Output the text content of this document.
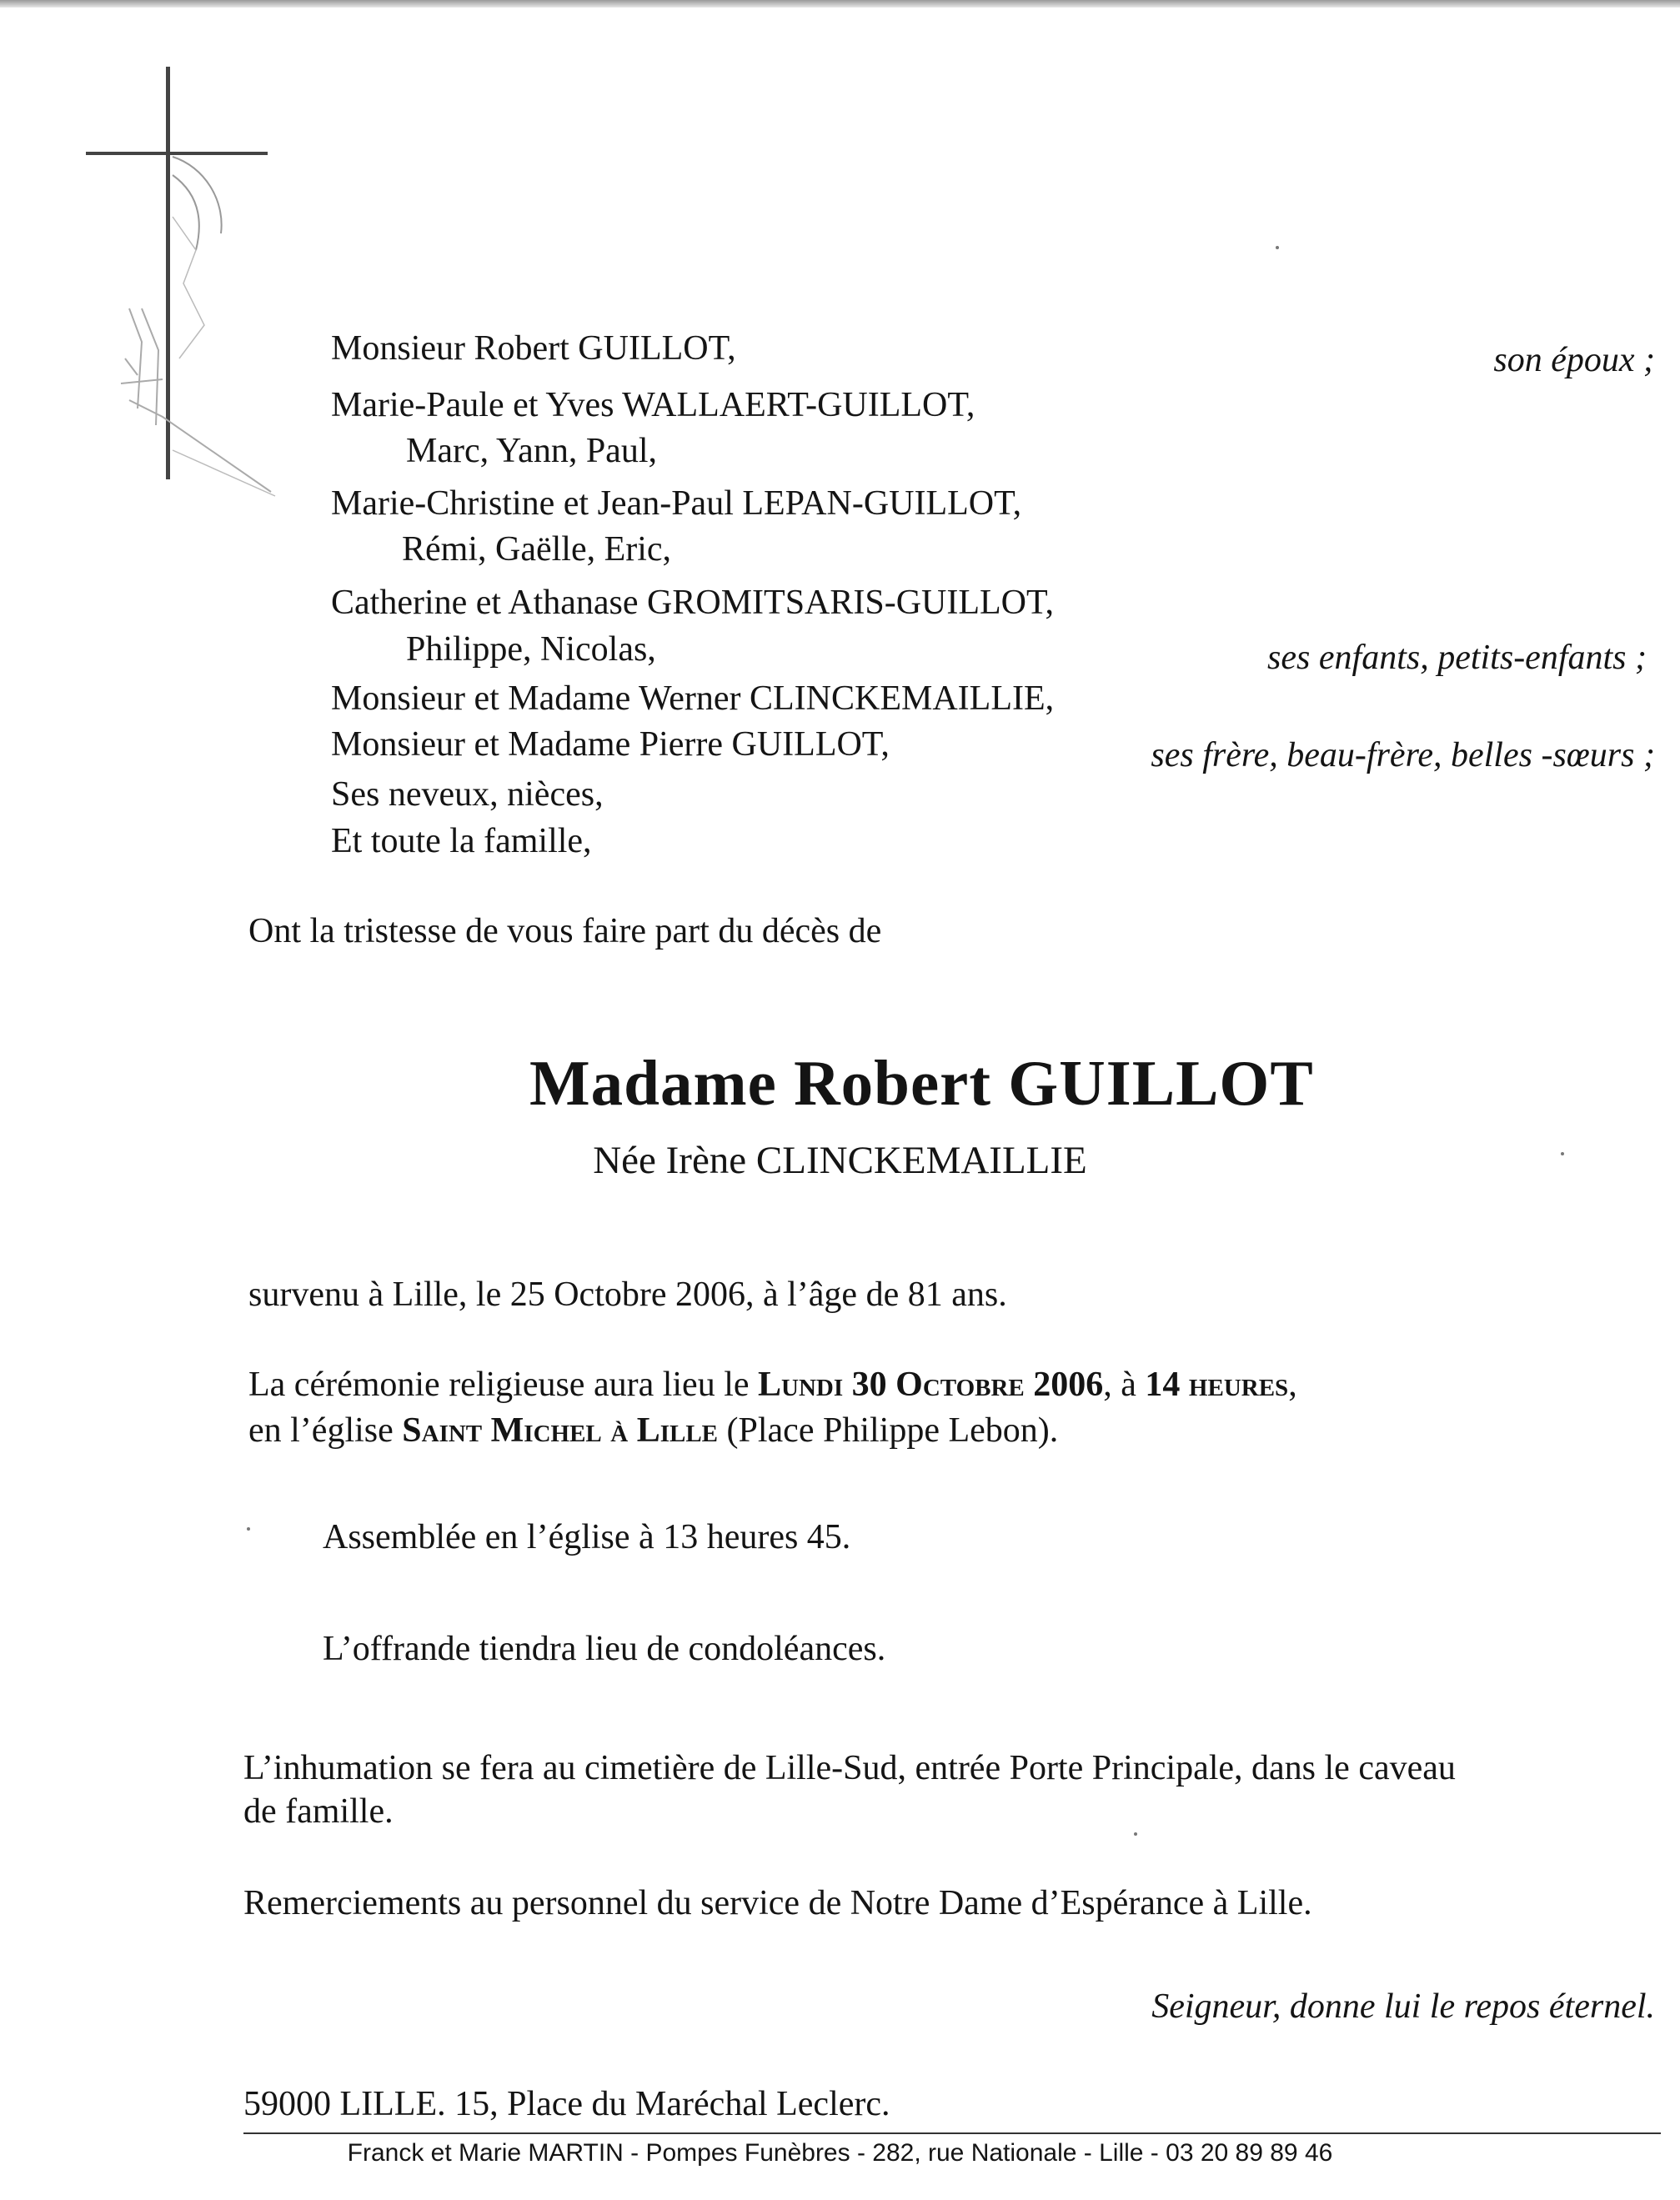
Monsieur Robert GUILLOT,	son époux ;
Marie-Paule et Yves WALLAERT-GUILLOT,
Marc, Yann, Paul,
Marie-Christine et Jean-Paul LEPAN-GUILLOT,
Rémi, Gaëlle, Eric,
Catherine et Athanase GROMITSARIS-GUILLOT,
Philippe, Nicolas,	ses enfants, petits-enfants ;
Monsieur et Madame Werner CLINCKEMAILLIE,
Monsieur et Madame Pierre GUILLOT,	ses frère, beau-frère, belles -sœurs ;
Ses neveux, nièces,
Et toute la famille,
Ont la tristesse de vous faire part du décès de
Madame Robert GUILLOT
Née Irène CLINCKEMAILLIE
survenu à Lille, le 25 Octobre 2006, à l’âge de 81 ans.
La cérémonie religieuse aura lieu le Lundi 30 Octobre 2006, à 14 heures,
en l’église Saint Michel à Lille (Place Philippe Lebon).
Assemblée en l’église à 13 heures 45.
L’offrande tiendra lieu de condoléances.
L’inhumation se fera au cimetière de Lille-Sud, entrée Porte Principale, dans le caveau
de famille.
Remerciements au personnel du service de Notre Dame d’Espérance à Lille.
Seigneur, donne lui le repos éternel.
59000 LILLE. 15, Place du Maréchal Leclerc.
Franck et Marie MARTIN - Pompes Funèbres - 282, rue Nationale - Lille - 03 20 89 89 46
